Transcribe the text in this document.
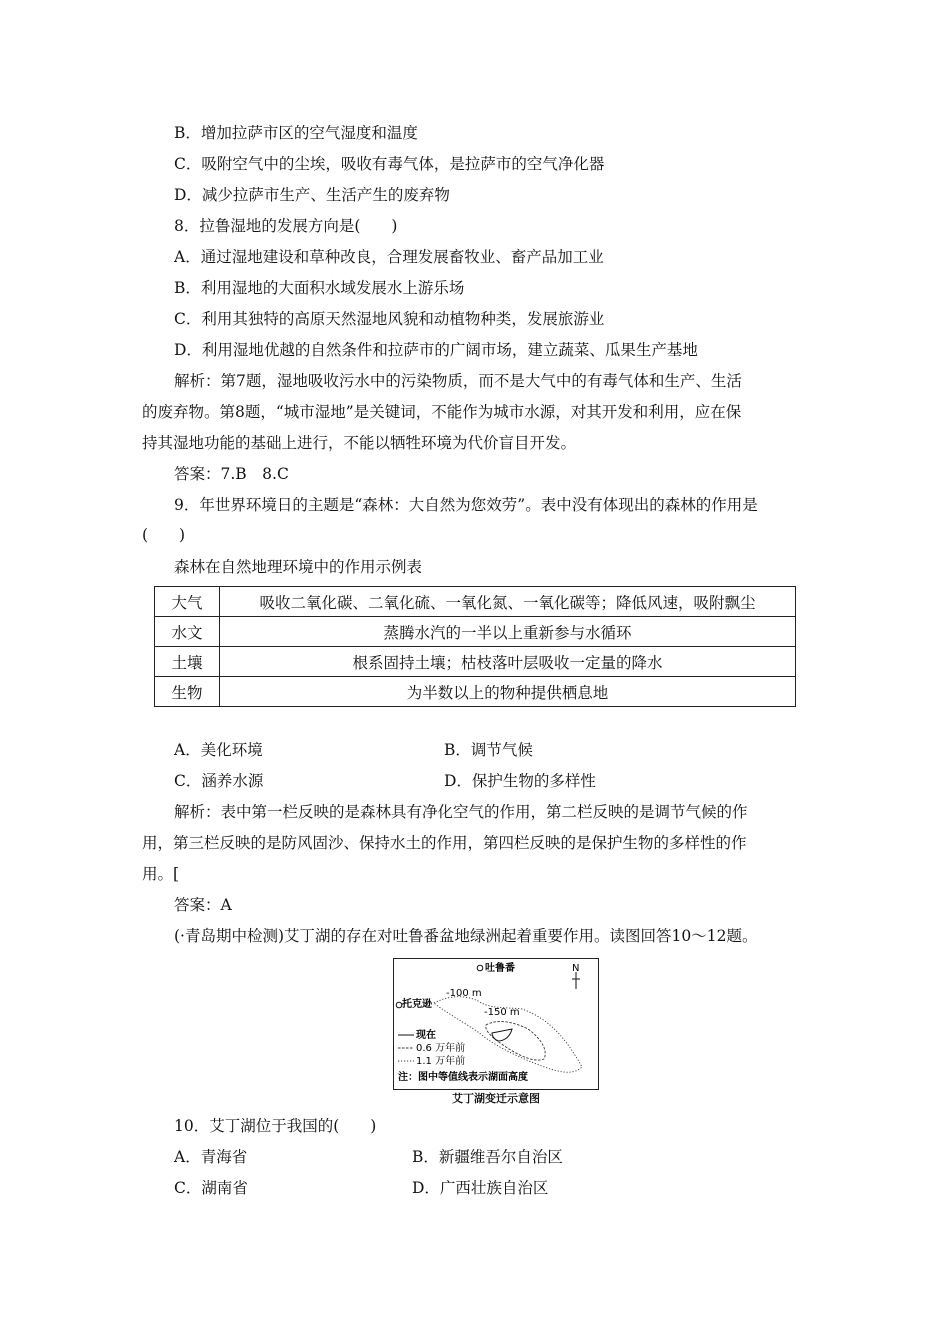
B．增加拉萨市区的空气湿度和温度
C．吸附空气中的尘埃，吸收有毒气体，是拉萨市的空气净化器
D．减少拉萨市生产、生活产生的废弃物
8．拉鲁湿地的发展方向是(　　)
A．通过湿地建设和草种改良，合理发展畜牧业、畜产品加工业
B．利用湿地的大面积水域发展水上游乐场
C．利用其独特的高原天然湿地风貌和动植物种类，发展旅游业
D．利用湿地优越的自然条件和拉萨市的广阔市场，建立蔬菜、瓜果生产基地
解析：第7题，湿地吸收污水中的污染物质，而不是大气中的有毒气体和生产、生活
的废弃物。第8题，“城市湿地”是关键词，不能作为城市水源，对其开发和利用，应在保
持其湿地功能的基础上进行，不能以牺牲环境为代价盲目开发。
答案：7.B　8.C
9．年世界环境日的主题是“森林：大自然为您效劳”。表中没有体现出的森林的作用是
(　　)
森林在自然地理环境中的作用示例表
大气	吸收二氧化碳、二氧化硫、一氧化氮、一氧化碳等；降低风速，吸附飘尘
水文	蒸腾水汽的一半以上重新参与水循环
土壤	根系固持土壤；枯枝落叶层吸收一定量的降水
生物	为半数以上的物种提供栖息地
A．美化环境	B．调节气候
C．涵养水源	D．保护生物的多样性
解析：表中第一栏反映的是森林具有净化空气的作用，第二栏反映的是调节气候的作
用，第三栏反映的是防风固沙、保持水土的作用，第四栏反映的是保护生物的多样性的作
用。[
答案：A
(·青岛期中检测)艾丁湖的存在对吐鲁番盆地绿洲起着重要作用。读图回答10～12题。
吐鲁番	N
托克逊
-100 m
-150 m
现在
0.6 万年前
1.1 万年前
注：图中等值线表示湖面高度
艾丁湖变迁示意图
10．艾丁湖位于我国的(　　)
A．青海省	B．新疆维吾尔自治区
C．湖南省	D．广西壮族自治区
